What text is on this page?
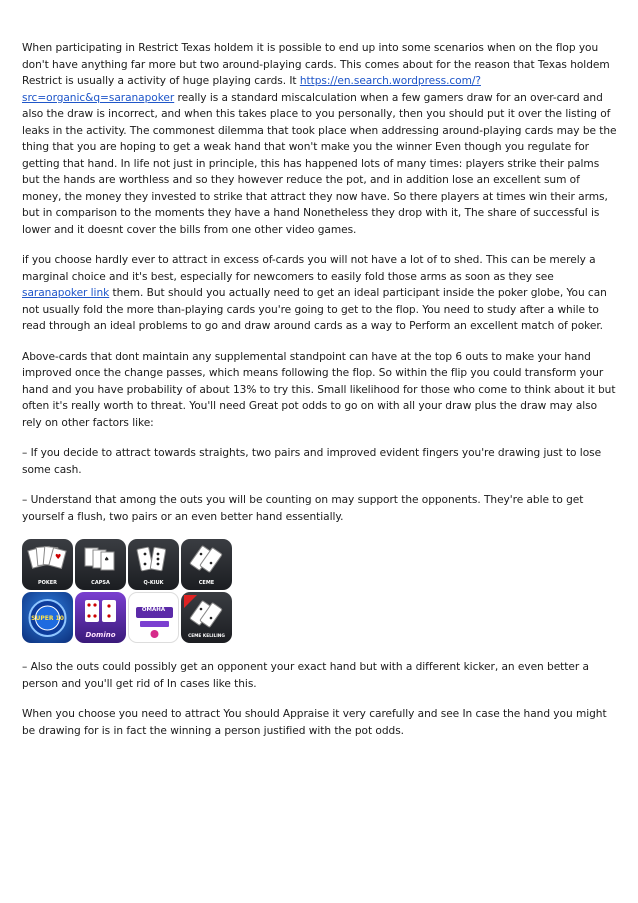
When participating in Restrict Texas holdem it is possible to end up into some scenarios when on the flop you don't have anything far more but two around-playing cards. This comes about for the reason that Texas holdem Restrict is usually a activity of huge playing cards. It https://en.search.wordpress.com/?src=organic&q=saranapoker really is a standard miscalculation when a few gamers draw for an over-card and also the draw is incorrect, and when this takes place to you personally, then you should put it over the listing of leaks in the activity. The commonest dilemma that took place when addressing around-playing cards may be the thing that you are hoping to get a weak hand that won't make you the winner Even though you regulate for getting that hand. In life not just in principle, this has happened lots of many times: players strike their palms but the hands are worthless and so they however reduce the pot, and in addition lose an excellent sum of money, the money they invested to strike that attract they now have. So there players at times win their arms, but in comparison to the moments they have a hand Nonetheless they drop with it, The share of successful is lower and it doesnt cover the bills from one other video games.

if you choose hardly ever to attract in excess of-cards you will not have a lot of to shed. This can be merely a marginal choice and it's best, especially for newcomers to easily fold those arms as soon as they see saranapoker link them. But should you actually need to get an ideal participant inside the poker globe, You can not usually fold the more than-playing cards you're going to get to the flop. You need to study after a while to read through an ideal problems to go and draw around cards as a way to Perform an excellent match of poker.

Above-cards that dont maintain any supplemental standpoint can have at the top 6 outs to make your hand improved once the change passes, which means following the flop. So within the flip you could transform your hand and you have probability of about 13% to try this. Small likelihood for those who come to think about it but often it's really worth to threat. You'll need Great pot odds to go on with all your draw plus the draw may also rely on other factors like:

– If you decide to attract towards straights, two pairs and improved evident fingers you're drawing just to lose some cash.

– Understand that among the outs you will be counting on may support the opponents. They're able to get yourself a flush, two pairs or an even better hand essentially.

♥
POKER
♠
CAPSA	Q-KIUK	CEME
SUPER 10
Domino
OMAHA
CEME KELILING

– Also the outs could possibly get an opponent your exact hand but with a different kicker, an even better a person and you'll get rid of In cases like this.

When you choose you need to attract You should Appraise it very carefully and see In case the hand you might be drawing for is in fact the winning a person justified with the pot odds.
